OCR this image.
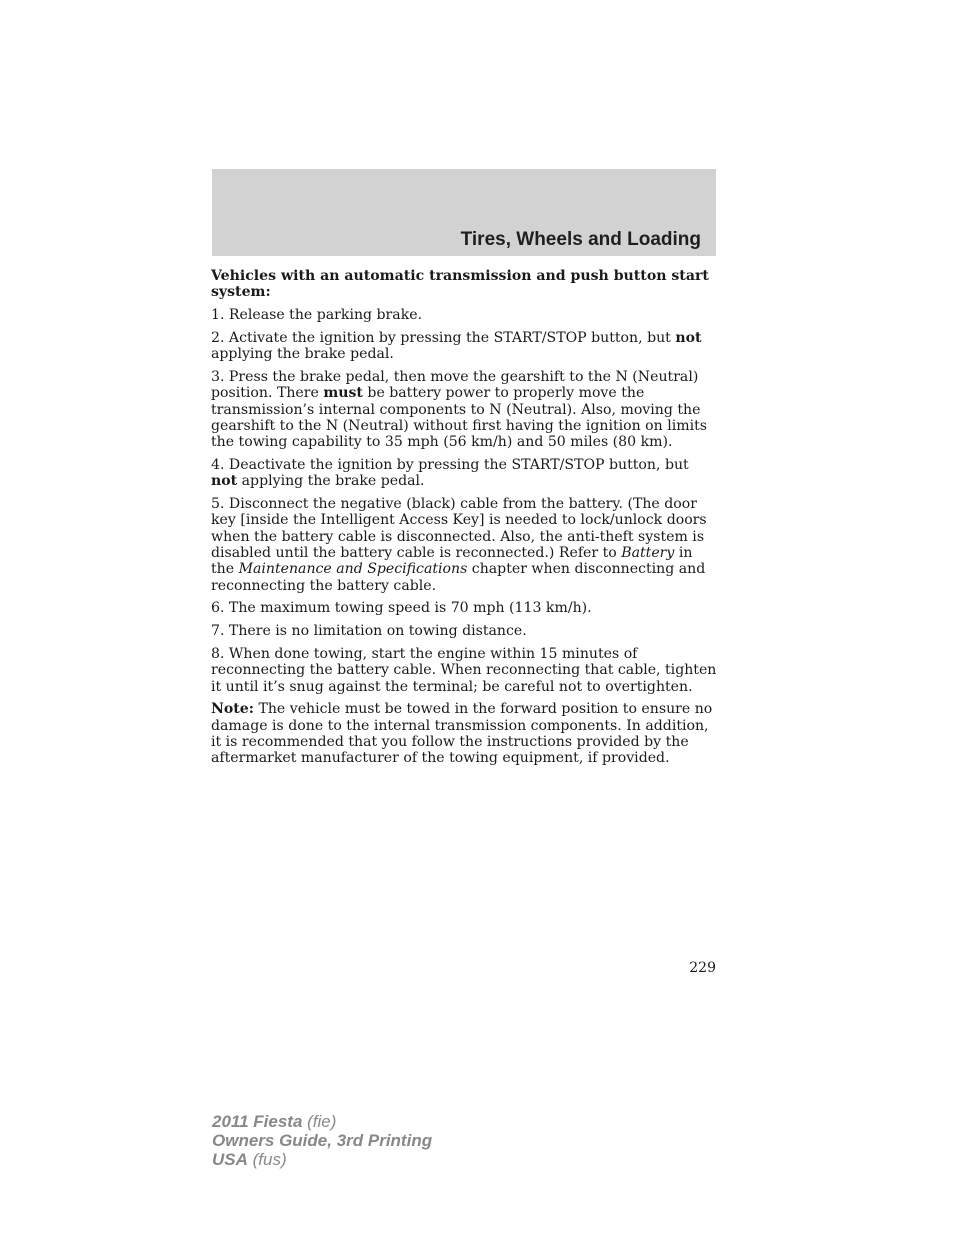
Tires, Wheels and Loading

Vehicles with an automatic transmission and push button start system:

1. Release the parking brake.

2. Activate the ignition by pressing the START/STOP button, but not applying the brake pedal.

3. Press the brake pedal, then move the gearshift to the N (Neutral) position. There must be battery power to properly move the transmission’s internal components to N (Neutral). Also, moving the gearshift to the N (Neutral) without first having the ignition on limits the towing capability to 35 mph (56 km/h) and 50 miles (80 km).

4. Deactivate the ignition by pressing the START/STOP button, but not applying the brake pedal.

5. Disconnect the negative (black) cable from the battery. (The door key [inside the Intelligent Access Key] is needed to lock/unlock doors when the battery cable is disconnected. Also, the anti-theft system is disabled until the battery cable is reconnected.) Refer to Battery in the Maintenance and Specifications chapter when disconnecting and reconnecting the battery cable.

6. The maximum towing speed is 70 mph (113 km/h).

7. There is no limitation on towing distance.

8. When done towing, start the engine within 15 minutes of reconnecting the battery cable. When reconnecting that cable, tighten it until it’s snug against the terminal; be careful not to overtighten.

Note: The vehicle must be towed in the forward position to ensure no damage is done to the internal transmission components. In addition, it is recommended that you follow the instructions provided by the aftermarket manufacturer of the towing equipment, if provided.

229
2011 Fiesta (fie)
Owners Guide, 3rd Printing
USA (fus)
